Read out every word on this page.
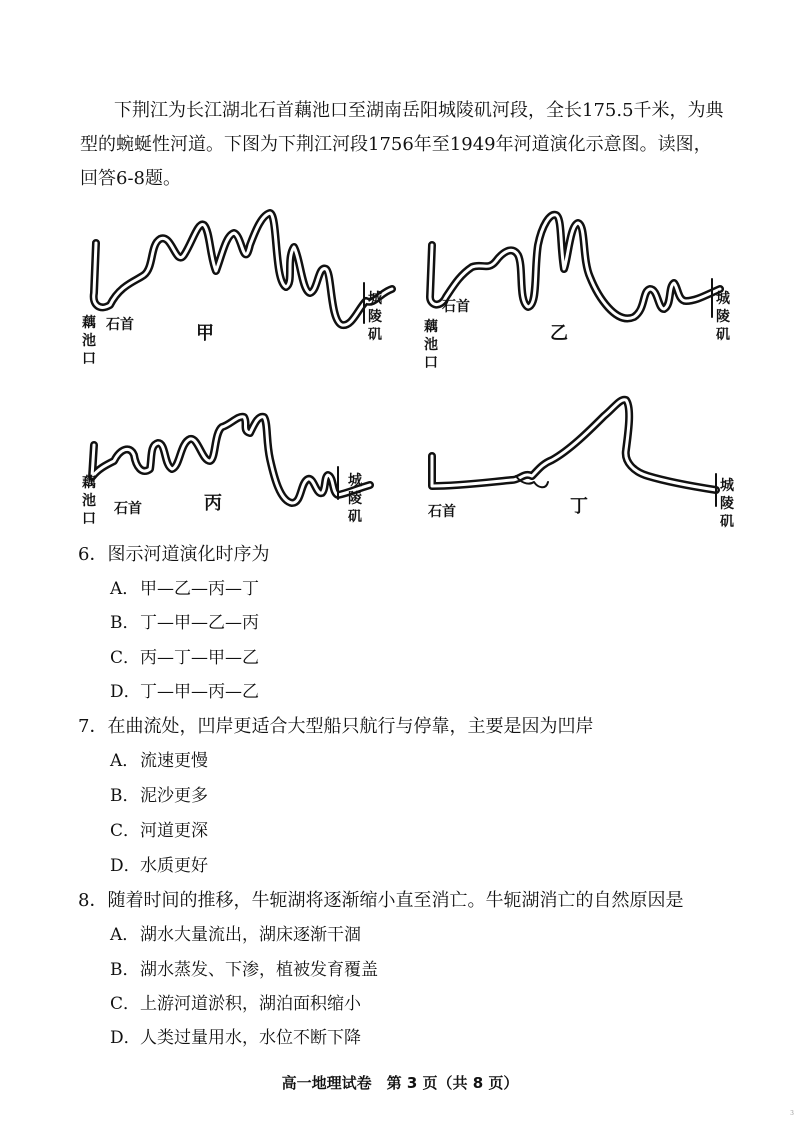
下荆江为长江湖北石首藕池口至湖南岳阳城陵矶河段，全长175.5千米，为典
型的蜿蜒性河道。下图为下荆江河段1756年至1949年河道演化示意图。读图，
回答6-8题。
藕
池
口
石首	甲
城
陵
矶
石首
藕
池
口
乙
城
陵
矶
藕
池
口
石首	丙
城
陵
矶	石首	丁
城
陵
矶
6．图示河道演化时序为
A．甲—乙—丙—丁
B．丁—甲—乙—丙
C．丙—丁—甲—乙
D．丁—甲—丙—乙
7．在曲流处，凹岸更适合大型船只航行与停靠，主要是因为凹岸
A．流速更慢
B．泥沙更多
C．河道更深
D．水质更好
8．随着时间的推移，牛轭湖将逐渐缩小直至消亡。牛轭湖消亡的自然原因是
A．湖水大量流出，湖床逐渐干涸
B．湖水蒸发、下渗，植被发育覆盖
C．上游河道淤积，湖泊面积缩小
D．人类过量用水，水位不断下降
高一地理试卷　第 3 页（共 8 页）
3
